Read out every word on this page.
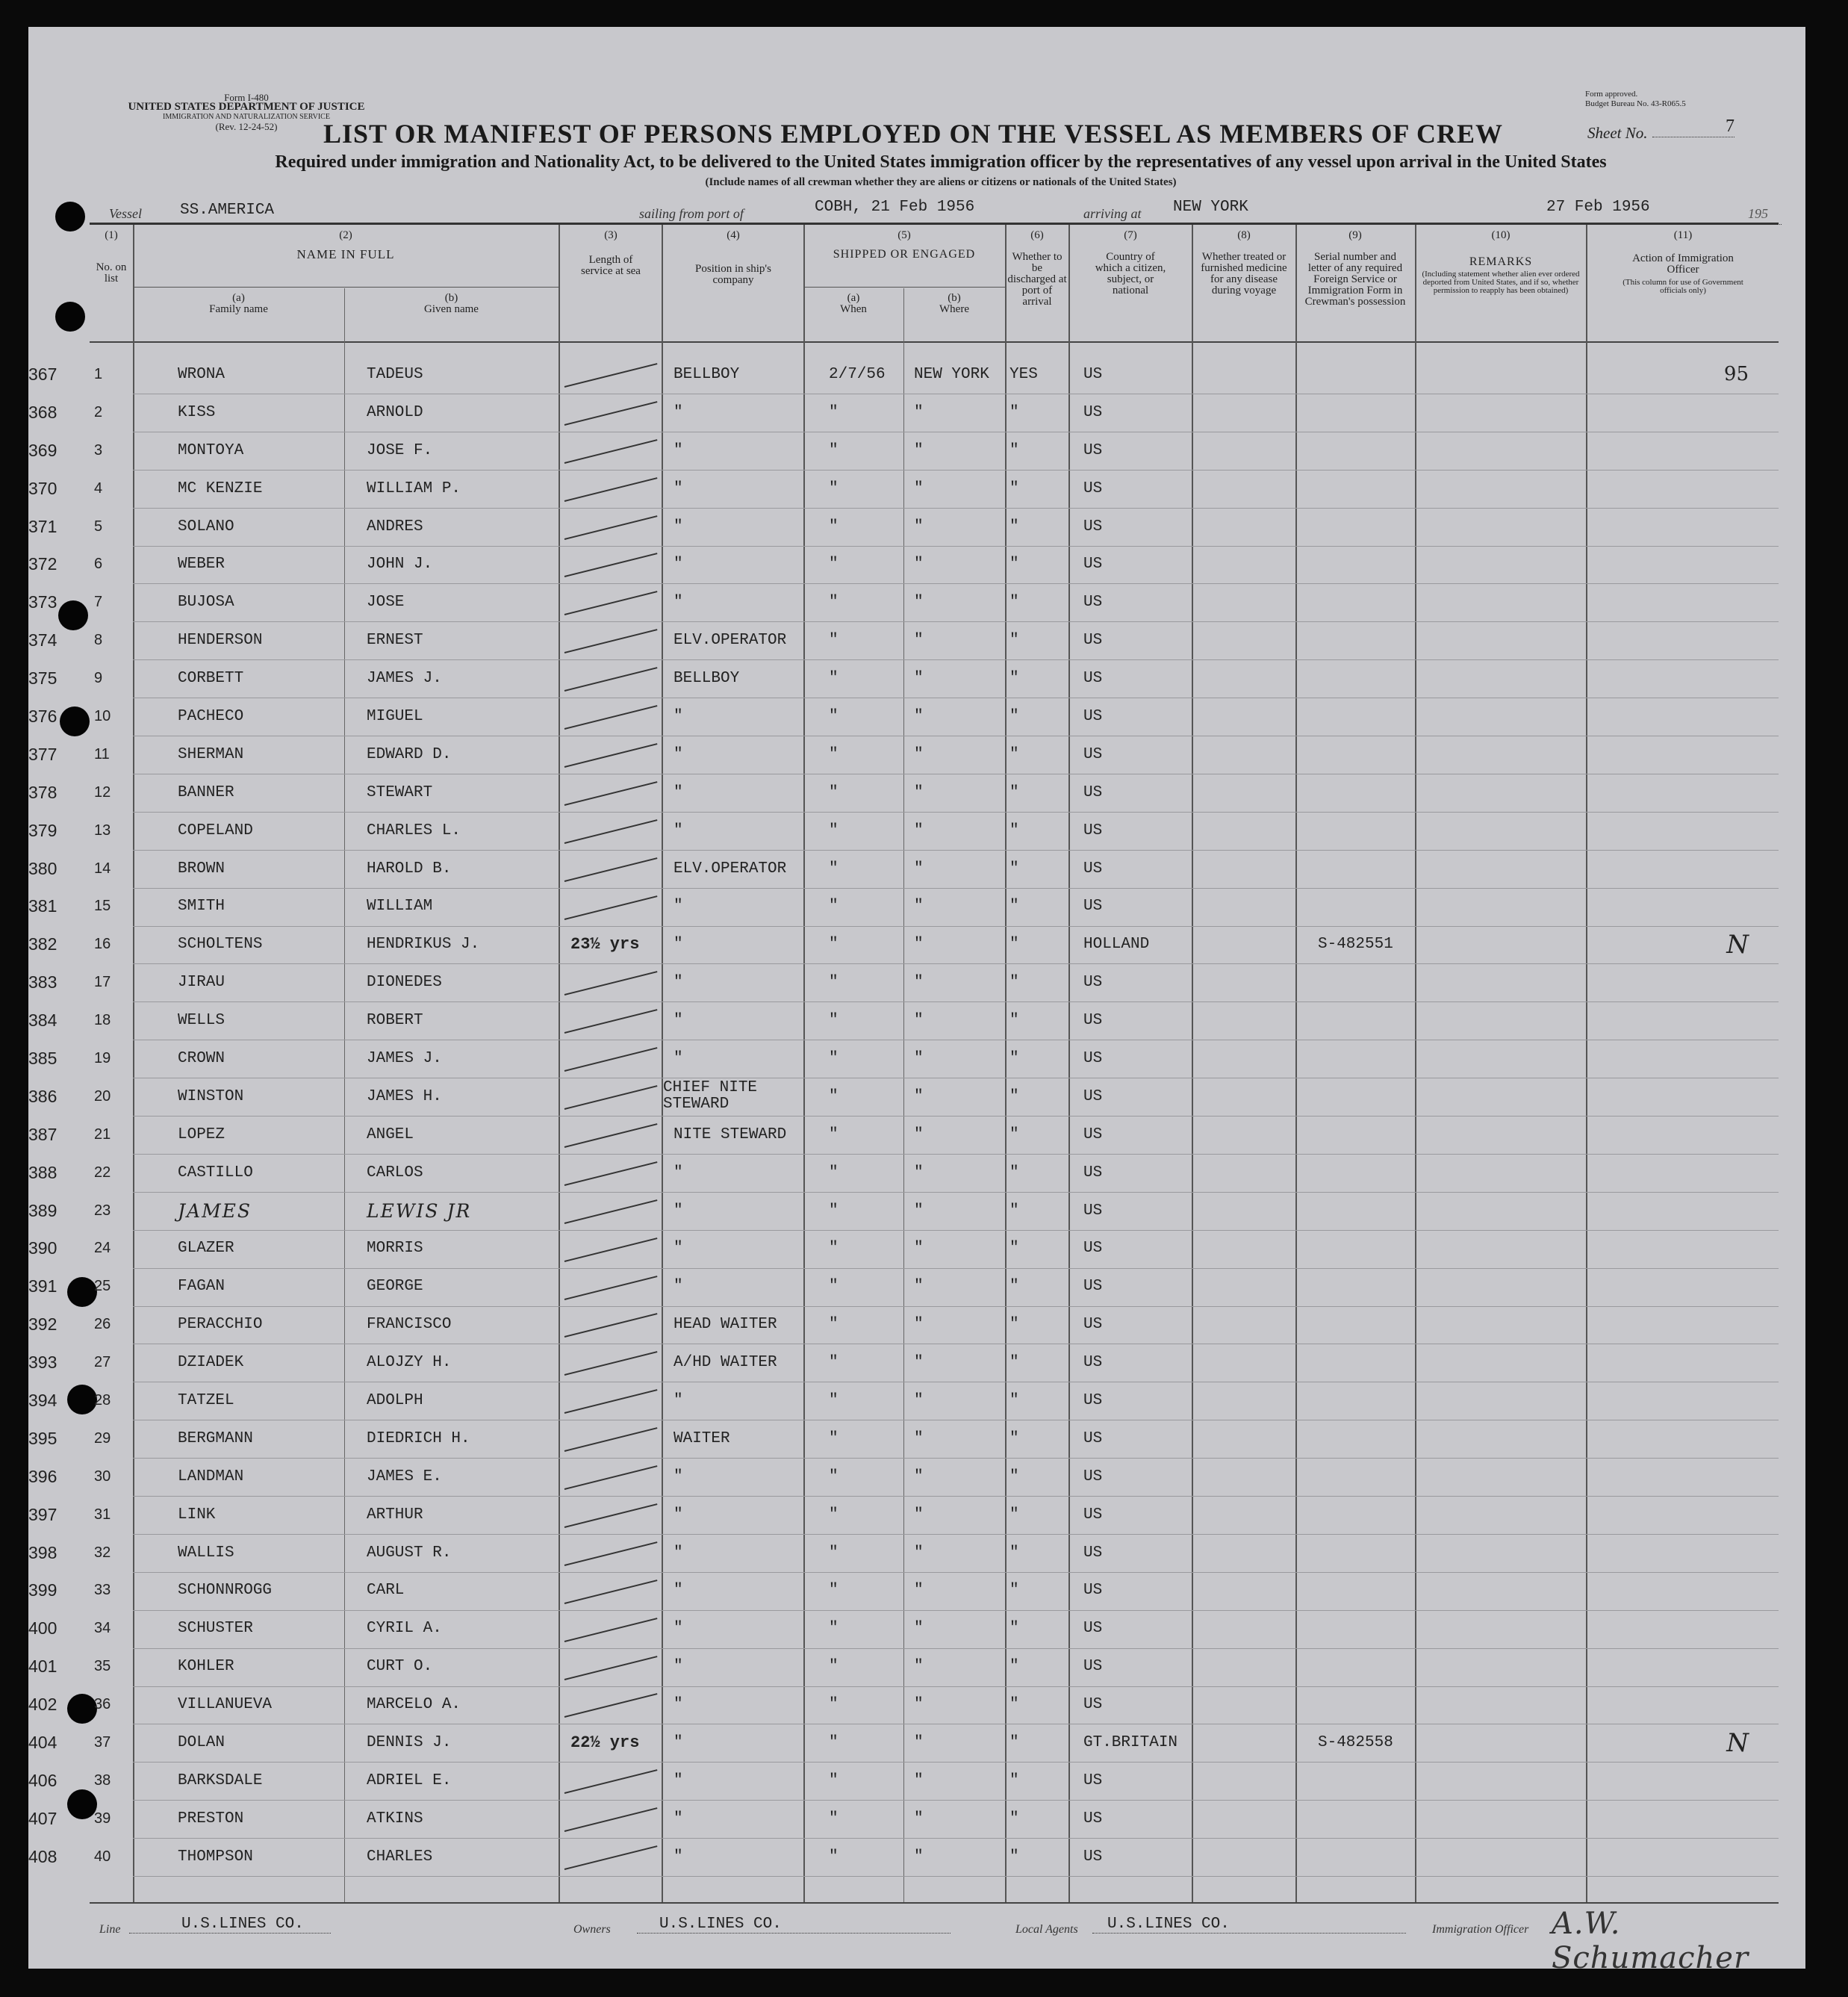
Form I-480
UNITED STATES DEPARTMENT OF JUSTICE
IMMIGRATION AND NATURALIZATION SERVICE
(Rev. 12-24-52)
Form approved.
Budget Bureau No. 43-R065.5
LIST OR MANIFEST OF PERSONS EMPLOYED ON THE VESSEL AS MEMBERS OF CREW	Sheet No.	7
Required under immigration and Nationality Act, to be delivered to the United States immigration officer by the representatives of any vessel upon arrival in the United States
(Include names of all crewman whether they are aliens or citizens or nationals of the United States)
Vessel SS.AMERICA	sailing from port of	COBH, 21 Feb 1956	arriving at NEW YORK	27 Feb 1956	195
(1)
No. on list
(2)
NAME IN FULL
(a)
Family name
(b)
Given name
(3)
Length of service at sea
(4)
Position in ship's company
(5)
SHIPPED OR ENGAGED
(a)
When
(b)
Where
(6)
Whether to be discharged at port of arrival
(7)
Country of which a citizen, subject, or national
(8)
Whether treated or furnished medicine for any disease during voyage
(9)
Serial number and letter of any required Foreign Service or Immigration Form in Crewman's possession
(10)
REMARKS
(Including statement whether alien ever ordered deported from United States, and if so, whether permission to reapply has been obtained)
(11)
Action of Immigration Officer
(This column for use of Government officials only)
367	1	WRONA	TADEUS		BELLBOY	2/7/56	NEW YORK	YES	US				95
368	2	KISS	ARNOLD		"	"	"	"	US				
369	3	MONTOYA	JOSE F.		"	"	"	"	US				
370	4	MC KENZIE	WILLIAM P.		"	"	"	"	US				
371	5	SOLANO	ANDRES		"	"	"	"	US				
372	6	WEBER	JOHN J.		"	"	"	"	US				
373	7	BUJOSA	JOSE		"	"	"	"	US				
374	8	HENDERSON	ERNEST		ELV.OPERATOR	"	"	"	US				
375	9	CORBETT	JAMES J.		BELLBOY	"	"	"	US				
376	10	PACHECO	MIGUEL		"	"	"	"	US				
377	11	SHERMAN	EDWARD D.		"	"	"	"	US				
378	12	BANNER	STEWART		"	"	"	"	US				
379	13	COPELAND	CHARLES L.		"	"	"	"	US				
380	14	BROWN	HAROLD B.		ELV.OPERATOR	"	"	"	US				
381	15	SMITH	WILLIAM		"	"	"	"	US				
382	16	SCHOLTENS	HENDRIKUS J.	23½ yrs	"	"	"	"	HOLLAND		S-482551		N
383	17	JIRAU	DIONEDES		"	"	"	"	US				
384	18	WELLS	ROBERT		"	"	"	"	US				
385	19	CROWN	JAMES J.		"	"	"	"	US				
386	20	WINSTON	JAMES H.		CHIEF NITE STEWARD	"	"	"	US				
387	21	LOPEZ	ANGEL		NITE STEWARD	"	"	"	US				
388	22	CASTILLO	CARLOS		"	"	"	"	US				
389	23	JAMES	LEWIS JR		"	"	"	"	US				
390	24	GLAZER	MORRIS		"	"	"	"	US				
391	25	FAGAN	GEORGE		"	"	"	"	US				
392	26	PERACCHIO	FRANCISCO		HEAD WAITER	"	"	"	US				
393	27	DZIADEK	ALOJZY H.		A/HD WAITER	"	"	"	US				
394	28	TATZEL	ADOLPH		"	"	"	"	US				
395	29	BERGMANN	DIEDRICH H.		WAITER	"	"	"	US				
396	30	LANDMAN	JAMES E.		"	"	"	"	US				
397	31	LINK	ARTHUR		"	"	"	"	US				
398	32	WALLIS	AUGUST R.		"	"	"	"	US				
399	33	SCHONNROGG	CARL		"	"	"	"	US				
400	34	SCHUSTER	CYRIL A.		"	"	"	"	US				
401	35	KOHLER	CURT O.		"	"	"	"	US				
402	36	VILLANUEVA	MARCELO A.		"	"	"	"	US				
404	37	DOLAN	DENNIS J.	22½ yrs	"	"	"	"	GT.BRITAIN		S-482558		N
406	38	BARKSDALE	ADRIEL E.		"	"	"	"	US				
407	39	PRESTON	ATKINS		"	"	"	"	US				
408	40	THOMPSON	CHARLES		"	"	"	"	US				
Line	U.S.LINES CO.	Owners	U.S.LINES CO.	Local Agents	U.S.LINES CO.	Immigration Officer A.W. Schumacher
